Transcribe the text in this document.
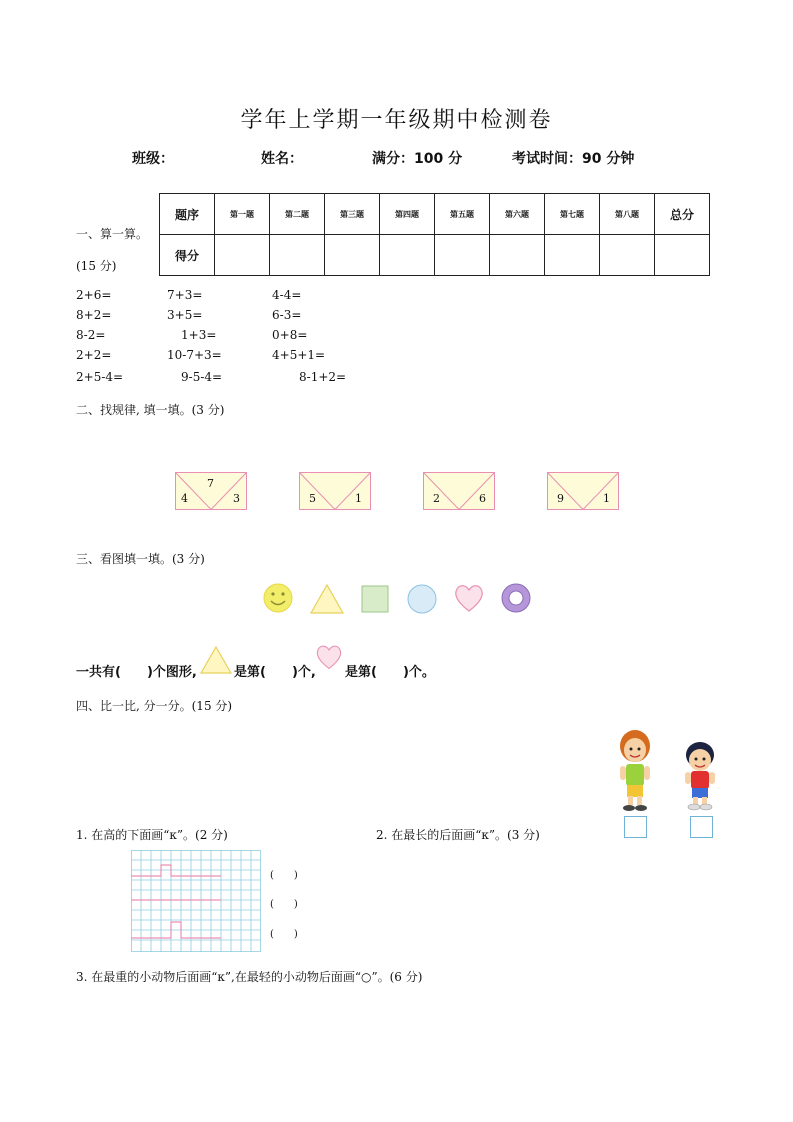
学年上学期一年级期中检测卷
班级：	姓名：	满分：100 分	考试时间：90 分钟
题序	第一题	第二题	第三题	第四题	第五题	第六题	第七题	第八题	总分
得分									
一、算一算。
(15 分)
2+6=	7+3=	4-4=
8+2=	3+5=	6-3=
8-2=	1+3=	0+8=
2+2=	10-7+3=	4+5+1=
2+5-4=	9-5-4=	8-1+2=
二、找规律, 填一填。(3 分)
7
4	3	5	1	2	6	9	1
三、看图填一填。(3 分)
一共有(　　)个图形,	是第(　　)个, 是第(　　)个。
四、比一比, 分一分。(15 分)
1. 在高的下面画“κ”。(2 分)	2. 在最长的后面画“κ”。(3 分)
(　　)
(　　)
(　　)
3. 在最重的小动物后面画“κ”,在最轻的小动物后面画“○”。(6 分)
